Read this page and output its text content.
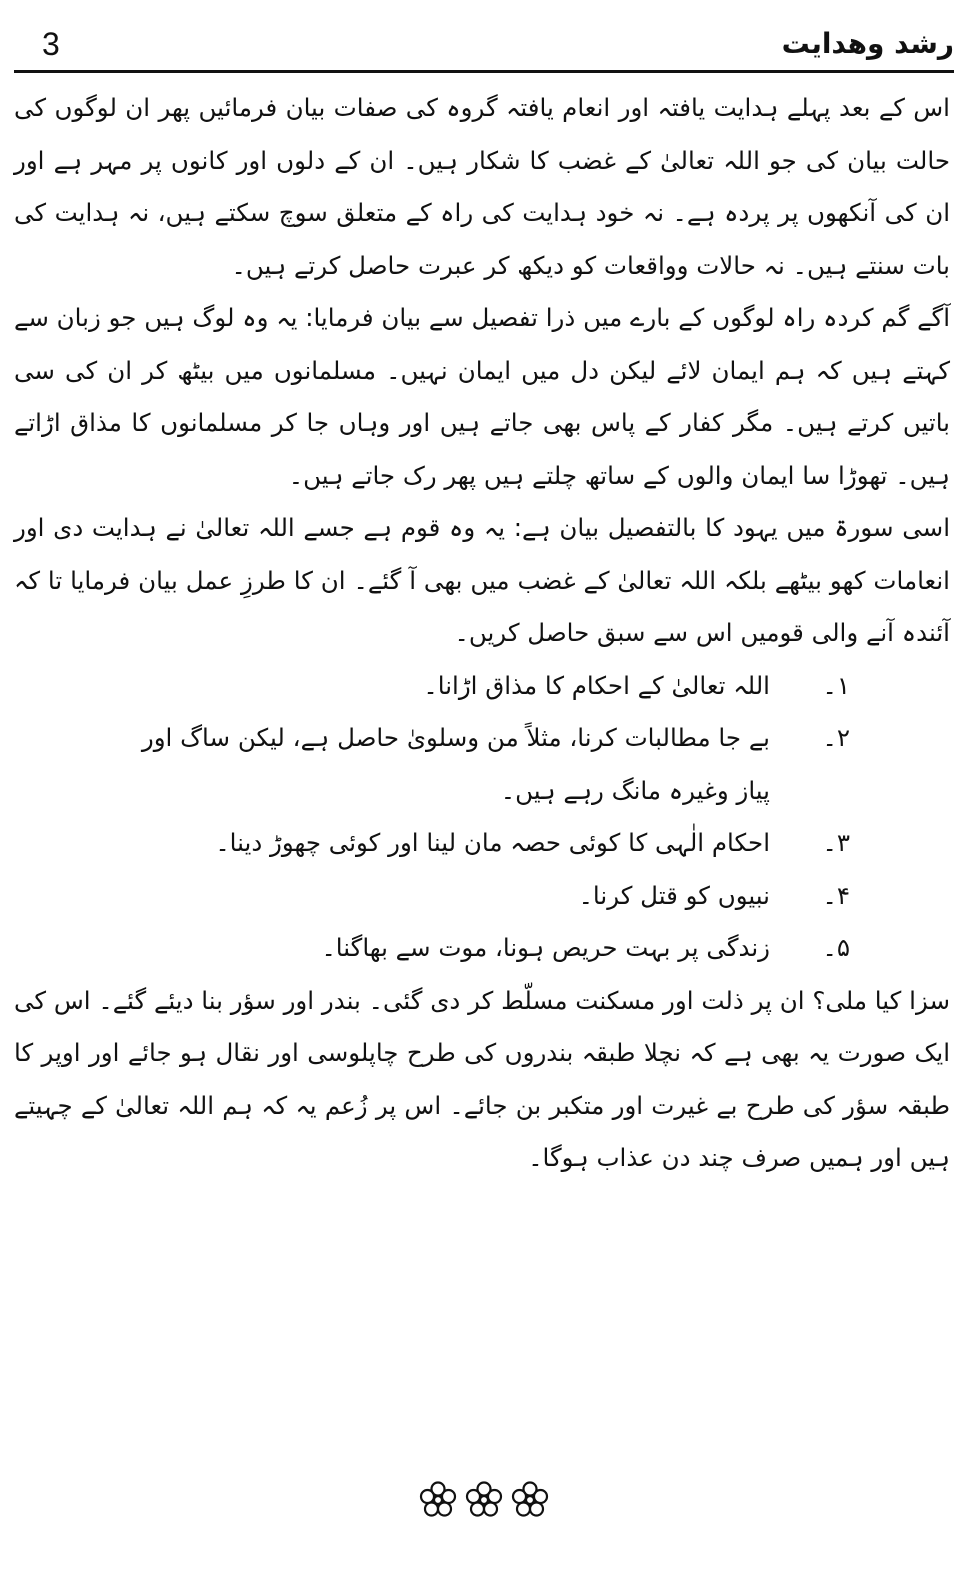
رشد وھدایت
3

اس کے بعد پہلے ہدایت یافتہ اور انعام یافتہ گروہ کی صفات بیان فرمائیں پھر ان لوگوں کی حالت بیان کی جو اللہ تعالیٰ کے غضب کا شکار ہیں۔ ان کے دلوں اور کانوں پر مہر ہے اور ان کی آنکھوں پر پردہ ہے۔ نہ خود ہدایت کی راہ کے متعلق سوچ سکتے ہیں، نہ ہدایت کی بات سنتے ہیں۔ نہ حالات وواقعات کو دیکھ کر عبرت حاصل کرتے ہیں۔

آگے گم کردہ راہ لوگوں کے بارے میں ذرا تفصیل سے بیان فرمایا: یہ وہ لوگ ہیں جو زبان سے کہتے ہیں کہ ہم ایمان لائے لیکن دل میں ایمان نہیں۔ مسلمانوں میں بیٹھ کر ان کی سی باتیں کرتے ہیں۔ مگر کفار کے پاس بھی جاتے ہیں اور وہاں جا کر مسلمانوں کا مذاق اڑاتے ہیں۔ تھوڑا سا ایمان والوں کے ساتھ چلتے ہیں پھر رک جاتے ہیں۔

اسی سورۃ میں یہود کا بالتفصیل بیان ہے: یہ وہ قوم ہے جسے اللہ تعالیٰ نے ہدایت دی اور انعامات کھو بیٹھے بلکہ اللہ تعالیٰ کے غضب میں بھی آ گئے۔ ان کا طرزِ عمل بیان فرمایا تا کہ آئندہ آنے والی قومیں اس سے سبق حاصل کریں۔

۱۔
اللہ تعالیٰ کے احکام کا مذاق اڑانا۔
۲۔
بے جا مطالبات کرنا، مثلاً من وسلویٰ حاصل ہے، لیکن ساگ اور پیاز وغیرہ مانگ رہے ہیں۔
۳۔
احکام الٰہی کا کوئی حصہ مان لینا اور کوئی چھوڑ دینا۔
۴۔
نبیوں کو قتل کرنا۔
۵۔
زندگی پر بہت حریص ہونا، موت سے بھاگنا۔

سزا کیا ملی؟ ان پر ذلت اور مسکنت مسلّط کر دی گئی۔ بندر اور سؤر بنا دیئے گئے۔ اس کی ایک صورت یہ بھی ہے کہ نچلا طبقہ بندروں کی طرح چاپلوسی اور نقال ہو جائے اور اوپر کا طبقہ سؤر کی طرح بے غیرت اور متکبر بن جائے۔ اس پر زُعم یہ کہ ہم اللہ تعالیٰ کے چہیتے ہیں اور ہمیں صرف چند دن عذاب ہوگا۔
